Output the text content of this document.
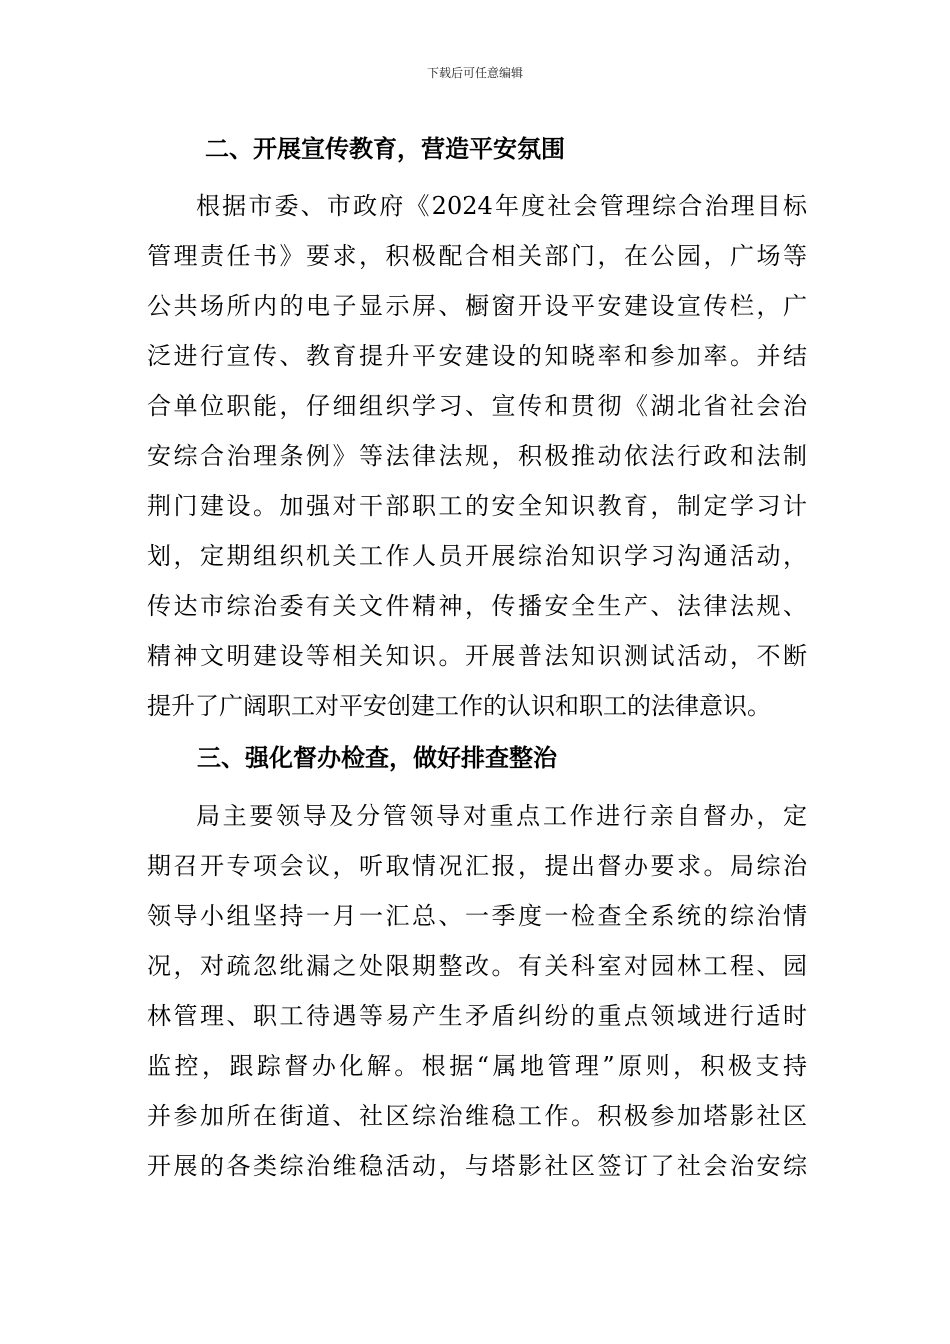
下载后可任意编辑
二、开展宣传教育，营造平安氛围
根据市委、市政府《2024年度社会管理综合治理目标
管理责任书》要求，积极配合相关部门，在公园，广场等
公共场所内的电子显示屏、橱窗开设平安建设宣传栏，广
泛进行宣传、教育提升平安建设的知晓率和参加率。并结
合单位职能，仔细组织学习、宣传和贯彻《湖北省社会治
安综合治理条例》等法律法规，积极推动依法行政和法制
荆门建设。加强对干部职工的安全知识教育，制定学习计
划，定期组织机关工作人员开展综治知识学习沟通活动，
传达市综治委有关文件精神，传播安全生产、法律法规、
精神文明建设等相关知识。开展普法知识测试活动，不断
提升了广阔职工对平安创建工作的认识和职工的法律意识。
三、强化督办检查，做好排查整治
局主要领导及分管领导对重点工作进行亲自督办，定
期召开专项会议，听取情况汇报，提出督办要求。局综治
领导小组坚持一月一汇总、一季度一检查全系统的综治情
况，对疏忽纰漏之处限期整改。有关科室对园林工程、园
林管理、职工待遇等易产生矛盾纠纷的重点领域进行适时
监控，跟踪督办化解。根据“属地管理”原则，积极支持
并参加所在街道、社区综治维稳工作。积极参加塔影社区
开展的各类综治维稳活动，与塔影社区签订了社会治安综
